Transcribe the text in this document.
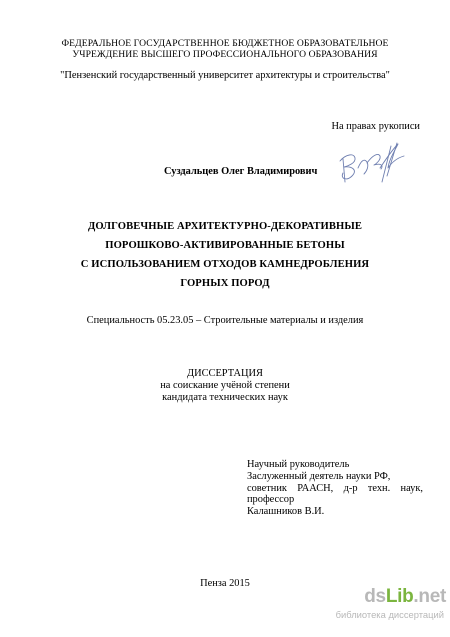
ФЕДЕРАЛЬНОЕ ГОСУДАРСТВЕННОЕ БЮДЖЕТНОЕ ОБРАЗОВАТЕЛЬНОЕ
УЧРЕЖДЕНИЕ ВЫСШЕГО ПРОФЕССИОНАЛЬНОГО ОБРАЗОВАНИЯ
"Пензенский государственный университет архитектуры и строительства"
На правах рукописи
Суздальцев Олег Владимирович
ДОЛГОВЕЧНЫЕ АРХИТЕКТУРНО-ДЕКОРАТИВНЫЕ
ПОРОШКОВО-АКТИВИРОВАННЫЕ БЕТОНЫ
С ИСПОЛЬЗОВАНИЕМ ОТХОДОВ КАМНЕДРОБЛЕНИЯ
ГОРНЫХ ПОРОД
Специальность 05.23.05 – Строительные материалы и изделия
ДИССЕРТАЦИЯ
на соискание учёной степени
кандидата технических наук
Научный руководитель
Заслуженный деятель науки РФ,
советник РААСН, д-р техн. наук,
профессор
Калашников В.И.
Пенза 2015
dsLib.net
библиотека диссертаций
